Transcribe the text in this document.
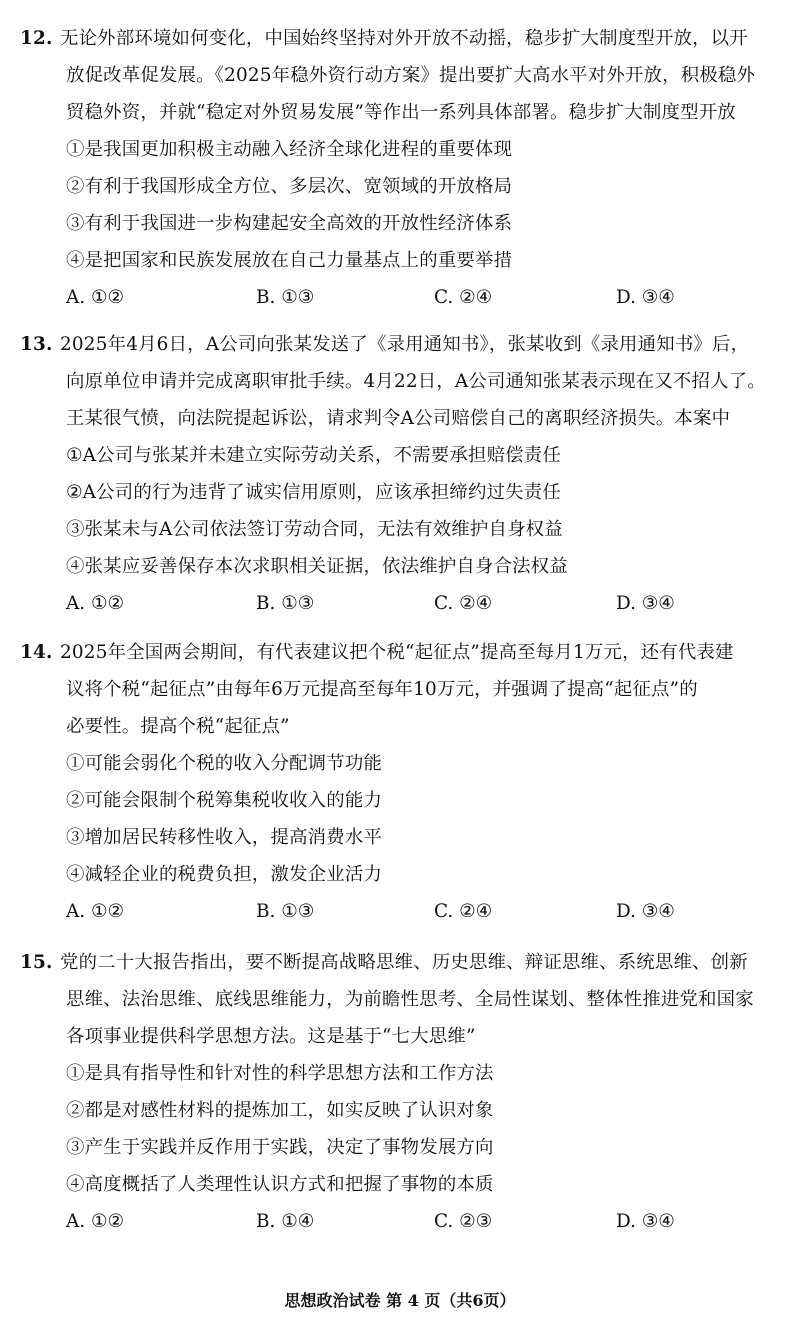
12. 无论外部环境如何变化，中国始终坚持对外开放不动摇，稳步扩大制度型开放，以开
放促改革促发展。《2025年稳外资行动方案》提出要扩大高水平对外开放，积极稳外
贸稳外资，并就“稳定对外贸易发展”等作出一系列具体部署。稳步扩大制度型开放
①是我国更加积极主动融入经济全球化进程的重要体现
②有利于我国形成全方位、多层次、宽领域的开放格局
③有利于我国进一步构建起安全高效的开放性经济体系
④是把国家和民族发展放在自己力量基点上的重要举措
A. ①②	B. ①③	C. ②④	D. ③④
13. 2025年4月6日，A公司向张某发送了《录用通知书》，张某收到《录用通知书》后，
向原单位申请并完成离职审批手续。4月22日，A公司通知张某表示现在又不招人了。
王某很气愤，向法院提起诉讼，请求判令A公司赔偿自己的离职经济损失。本案中
①A公司与张某并未建立实际劳动关系，不需要承担赔偿责任
②A公司的行为违背了诚实信用原则，应该承担缔约过失责任
③张某未与A公司依法签订劳动合同，无法有效维护自身权益
④张某应妥善保存本次求职相关证据，依法维护自身合法权益
A. ①②	B. ①③	C. ②④	D. ③④
14. 2025年全国两会期间，有代表建议把个税“起征点”提高至每月1万元，还有代表建
议将个税“起征点”由每年6万元提高至每年10万元，并强调了提高“起征点”的
必要性。提高个税“起征点”
①可能会弱化个税的收入分配调节功能
②可能会限制个税筹集税收收入的能力
③增加居民转移性收入，提高消费水平
④减轻企业的税费负担，激发企业活力
A. ①②	B. ①③	C. ②④	D. ③④
15. 党的二十大报告指出，要不断提高战略思维、历史思维、辩证思维、系统思维、创新
思维、法治思维、底线思维能力，为前瞻性思考、全局性谋划、整体性推进党和国家
各项事业提供科学思想方法。这是基于“七大思维”
①是具有指导性和针对性的科学思想方法和工作方法
②都是对感性材料的提炼加工，如实反映了认识对象
③产生于实践并反作用于实践，决定了事物发展方向
④高度概括了人类理性认识方式和把握了事物的本质
A. ①②	B. ①④	C. ②③	D. ③④
思想政治试卷 第 4 页（共6页）
